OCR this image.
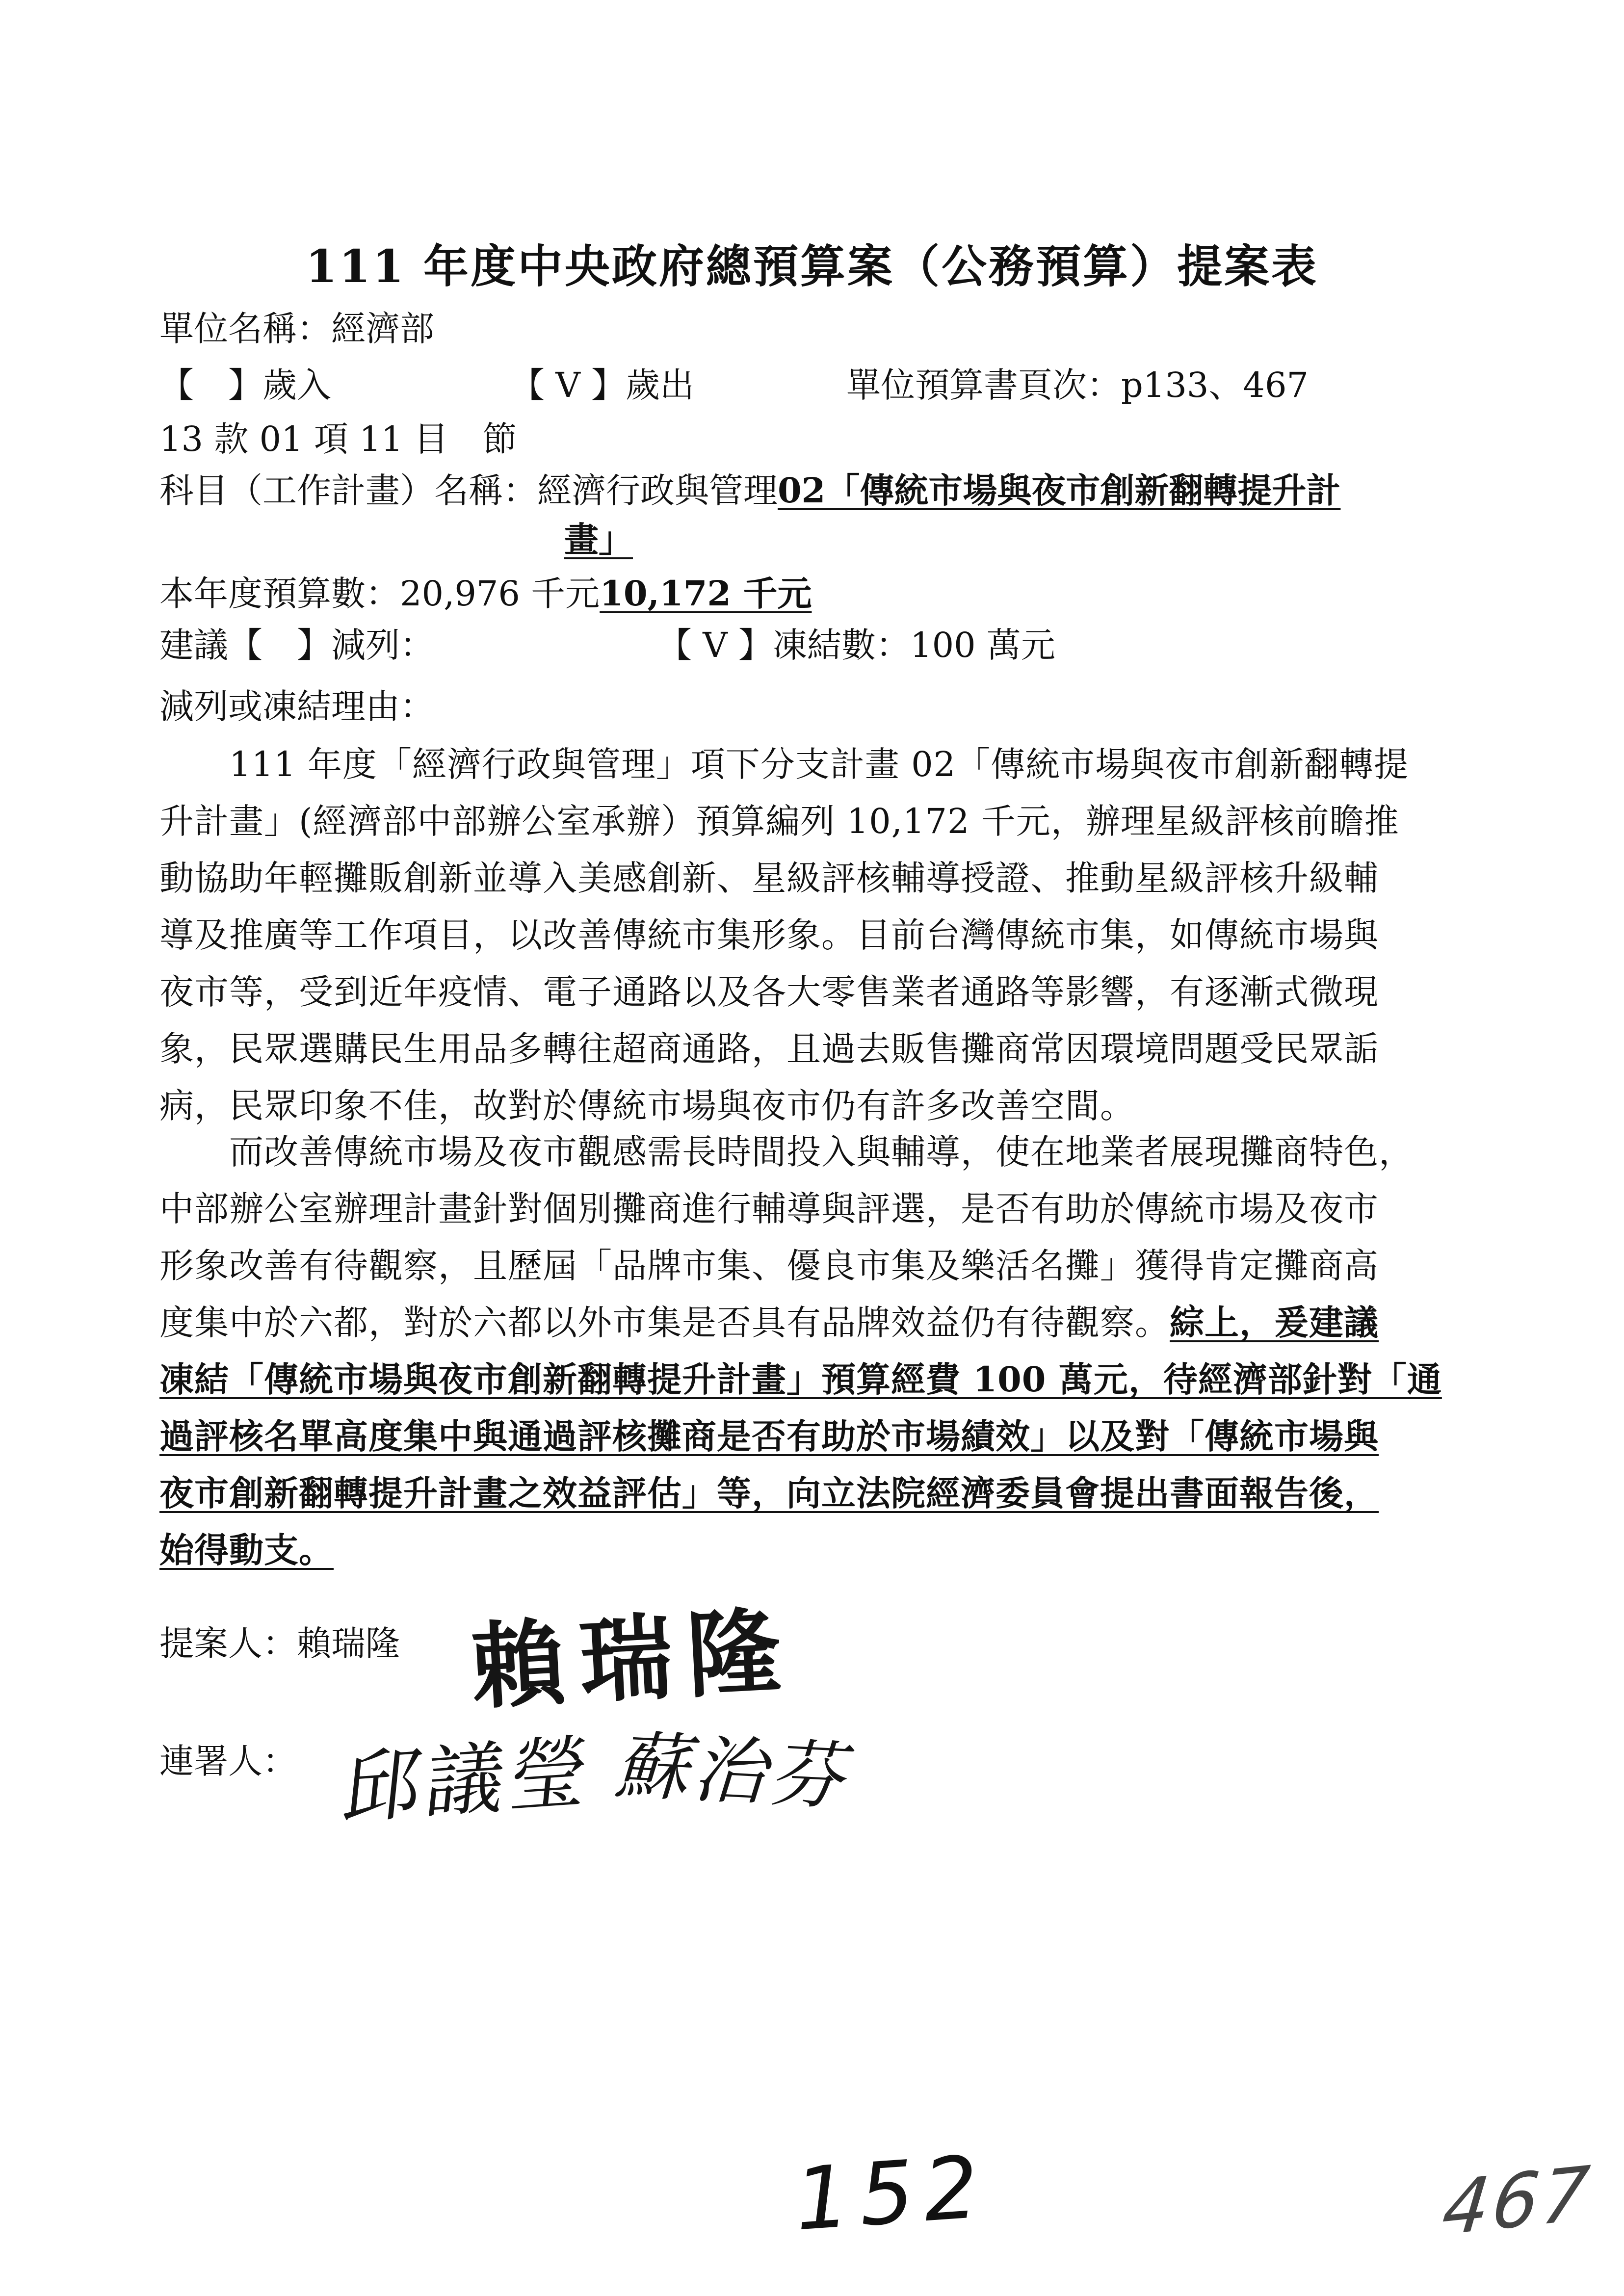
111 年度中央政府總預算案（公務預算）提案表
單位名稱：經濟部
【　】歲入	【 V 】歲出	單位預算書頁次：p133、467
13 款 01 項 11 目　節
科目（工作計畫）名稱：經濟行政與管理02「傳統市場與夜市創新翻轉提升計
畫」
本年度預算數：20,976 千元10,172 千元
建議【　】減列：	【 V 】凍結數：100 萬元
減列或凍結理由：
　　111 年度「經濟行政與管理」項下分支計畫 02「傳統市場與夜市創新翻轉提
升計畫」(經濟部中部辦公室承辦）預算編列 10,172 千元，辦理星級評核前瞻推
動協助年輕攤販創新並導入美感創新、星級評核輔導授證、推動星級評核升級輔
導及推廣等工作項目，以改善傳統市集形象。目前台灣傳統市集，如傳統市場與
夜市等，受到近年疫情、電子通路以及各大零售業者通路等影響，有逐漸式微現
象，民眾選購民生用品多轉往超商通路，且過去販售攤商常因環境問題受民眾詬
病，民眾印象不佳，故對於傳統市場與夜市仍有許多改善空間。
　　而改善傳統市場及夜市觀感需長時間投入與輔導，使在地業者展現攤商特色，
中部辦公室辦理計畫針對個別攤商進行輔導與評選，是否有助於傳統市場及夜市
形象改善有待觀察，且歷屆「品牌市集、優良市集及樂活名攤」獲得肯定攤商高
度集中於六都，對於六都以外市集是否具有品牌效益仍有待觀察。綜上，爰建議
凍結「傳統市場與夜市創新翻轉提升計畫」預算經費 100 萬元，待經濟部針對「通
過評核名單高度集中與通過評核攤商是否有助於市場績效」以及對「傳統市場與
夜市創新翻轉提升計畫之效益評估」等，向立法院經濟委員會提出書面報告後，
始得動支。
提案人：賴瑞隆 賴瑞隆
連署人： 邱議瑩 蘇治芬
152	467
